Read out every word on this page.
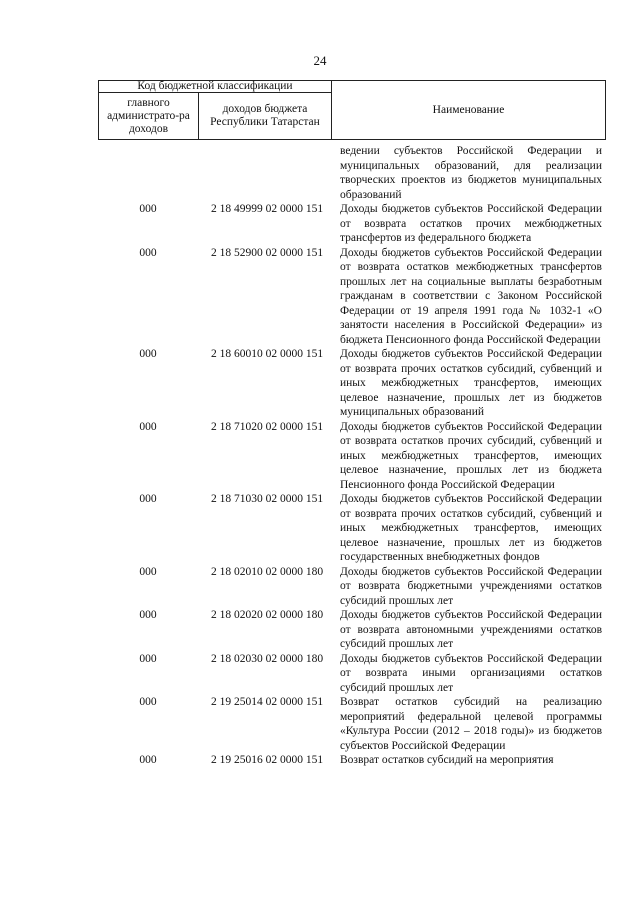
24
Код бюджетной классификации
главного администрато-ра доходов
доходов бюджета Республики Татарстан
Наименование
ведении субъектов Российской Федерации и муниципальных образований, для реализации творческих проектов из бюджетов муниципальных образований
000	2 18 49999 02 0000 151	Доходы бюджетов субъектов Российской Федерации от возврата остатков прочих межбюджетных трансфертов из федерального бюджета
000	2 18 52900 02 0000 151	Доходы бюджетов субъектов Российской Федерации от возврата остатков межбюджетных трансфертов прошлых лет на социальные выплаты безработным гражданам в соответствии с Законом Российской Федерации от 19 апреля 1991 года № 1032-1 «О занятости населения в Российской Федерации» из бюджета Пенсионного фонда Российской Федерации
000	2 18 60010 02 0000 151	Доходы бюджетов субъектов Российской Федерации от возврата прочих остатков субсидий, субвенций и иных межбюджетных трансфертов, имеющих целевое назначение, прошлых лет из бюджетов муниципальных образований
000	2 18 71020 02 0000 151	Доходы бюджетов субъектов Российской Федерации от возврата остатков прочих субсидий, субвенций и иных межбюджетных трансфертов, имеющих целевое назначение, прошлых лет из бюджета Пенсионного фонда Российской Федерации
000	2 18 71030 02 0000 151	Доходы бюджетов субъектов Российской Федерации от возврата прочих остатков субсидий, субвенций и иных межбюджетных трансфертов, имеющих целевое назначение, прошлых лет из бюджетов государственных внебюджетных фондов
000	2 18 02010 02 0000 180	Доходы бюджетов субъектов Российской Федерации от возврата бюджетными учреждениями остатков субсидий прошлых лет
000	2 18 02020 02 0000 180	Доходы бюджетов субъектов Российской Федерации от возврата автономными учреждениями остатков субсидий прошлых лет
000	2 18 02030 02 0000 180	Доходы бюджетов субъектов Российской Федерации от возврата иными организациями остатков субсидий прошлых лет
000	2 19 25014 02 0000 151	Возврат остатков субсидий на реализацию мероприятий федеральной целевой программы «Культура России (2012 – 2018 годы)» из бюджетов субъектов Российской Федерации
000	2 19 25016 02 0000 151	Возврат остатков субсидий на мероприятия
